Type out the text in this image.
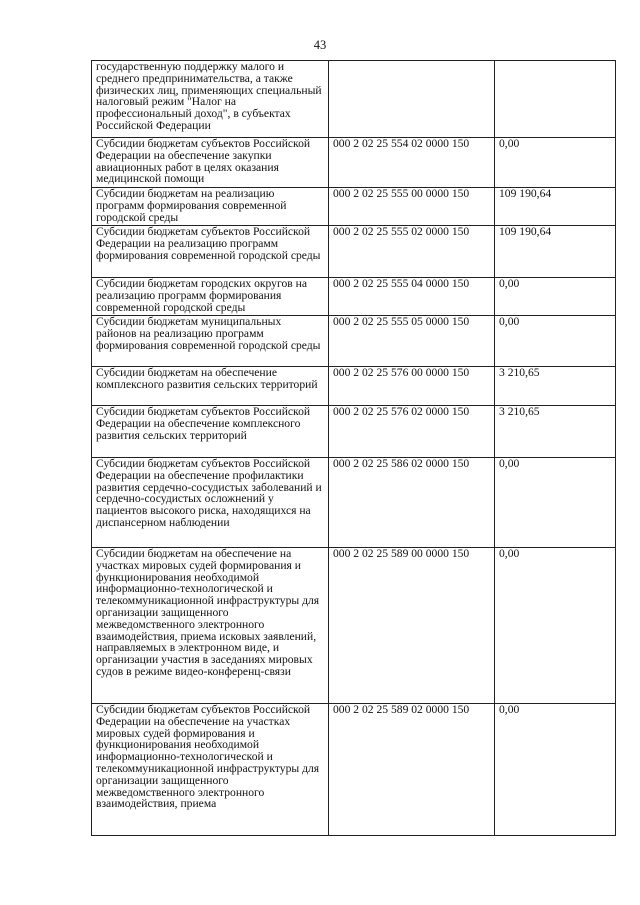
43
государственную поддержку малого и среднего предпринимательства, а также физических лиц, применяющих специальный налоговый режим "Налог на профессиональный доход", в субъектах Российской Федерации		
Субсидии бюджетам субъектов Российской Федерации на обеспечение закупки авиационных работ в целях оказания медицинской помощи	000 2 02 25 554 02 0000 150	0,00
Субсидии бюджетам на реализацию программ формирования современной городской среды	000 2 02 25 555 00 0000 150	109 190,64
Субсидии бюджетам субъектов Российской Федерации на реализацию программ формирования современной городской среды	000 2 02 25 555 02 0000 150	109 190,64
Субсидии бюджетам городских округов на реализацию программ формирования современной городской среды	000 2 02 25 555 04 0000 150	0,00
Субсидии бюджетам муниципальных районов на реализацию программ формирования современной городской среды	000 2 02 25 555 05 0000 150	0,00
Субсидии бюджетам на обеспечение комплексного развития сельских территорий	000 2 02 25 576 00 0000 150	3 210,65
Субсидии бюджетам субъектов Российской Федерации на обеспечение комплексного развития сельских территорий	000 2 02 25 576 02 0000 150	3 210,65
Субсидии бюджетам субъектов Российской Федерации на обеспечение профилактики развития сердечно-сосудистых заболеваний и сердечно-сосудистых осложнений у пациентов высокого риска, находящихся на диспансерном наблюдении	000 2 02 25 586 02 0000 150	0,00
Субсидии бюджетам на обеспечение на участках мировых судей формирования и функционирования необходимой информационно-технологической и телекоммуникационной инфраструктуры для организации защищенного межведомственного электронного взаимодействия, приема исковых заявлений, направляемых в электронном виде, и организации участия в заседаниях мировых судов в режиме видео-конференц-связи	000 2 02 25 589 00 0000 150	0,00
Субсидии бюджетам субъектов Российской Федерации на обеспечение на участках мировых судей формирования и функционирования необходимой информационно-технологической и телекоммуникационной инфраструктуры для организации защищенного межведомственного электронного взаимодействия, приема	000 2 02 25 589 02 0000 150	0,00
